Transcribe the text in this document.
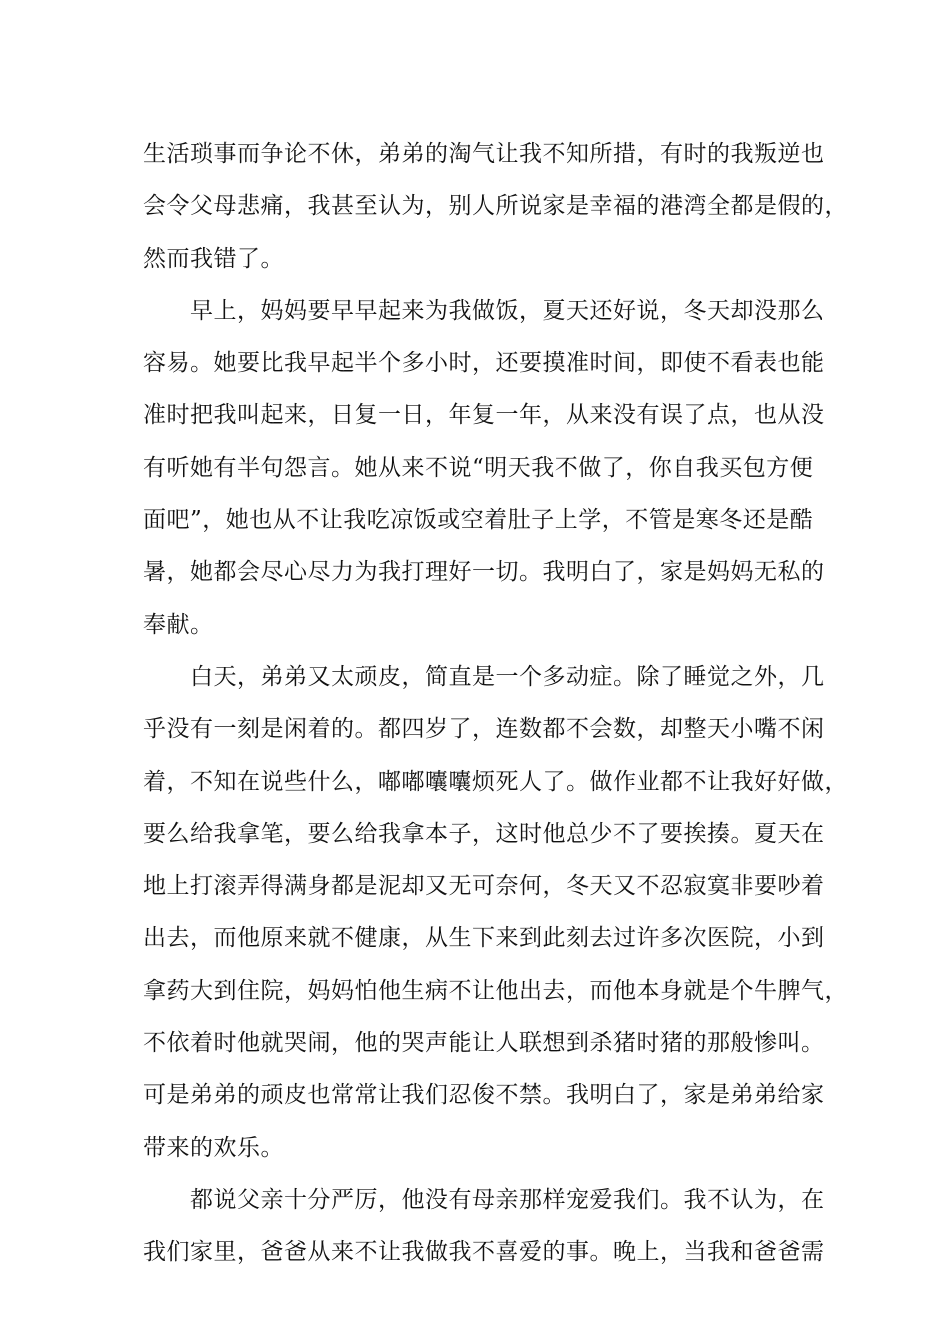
生活琐事而争论不休，弟弟的淘气让我不知所措，有时的我叛逆也
会令父母悲痛，我甚至认为，别人所说家是幸福的港湾全都是假的，
然而我错了。
早上，妈妈要早早起来为我做饭，夏天还好说，冬天却没那么
容易。她要比我早起半个多小时，还要摸准时间，即使不看表也能
准时把我叫起来，日复一日，年复一年，从来没有误了点，也从没
有听她有半句怨言。她从来不说“明天我不做了，你自我买包方便
面吧”，她也从不让我吃凉饭或空着肚子上学，不管是寒冬还是酷
暑，她都会尽心尽力为我打理好一切。我明白了，家是妈妈无私的
奉献。
白天，弟弟又太顽皮，简直是一个多动症。除了睡觉之外，几
乎没有一刻是闲着的。都四岁了，连数都不会数，却整天小嘴不闲
着，不知在说些什么，嘟嘟囔囔烦死人了。做作业都不让我好好做，
要么给我拿笔，要么给我拿本子，这时他总少不了要挨揍。夏天在
地上打滚弄得满身都是泥却又无可奈何，冬天又不忍寂寞非要吵着
出去，而他原来就不健康，从生下来到此刻去过许多次医院，小到
拿药大到住院，妈妈怕他生病不让他出去，而他本身就是个牛脾气，
不依着时他就哭闹，他的哭声能让人联想到杀猪时猪的那般惨叫。
可是弟弟的顽皮也常常让我们忍俊不禁。我明白了，家是弟弟给家
带来的欢乐。
都说父亲十分严厉，他没有母亲那样宠爱我们。我不认为，在
我们家里，爸爸从来不让我做我不喜爱的事。晚上，当我和爸爸需
